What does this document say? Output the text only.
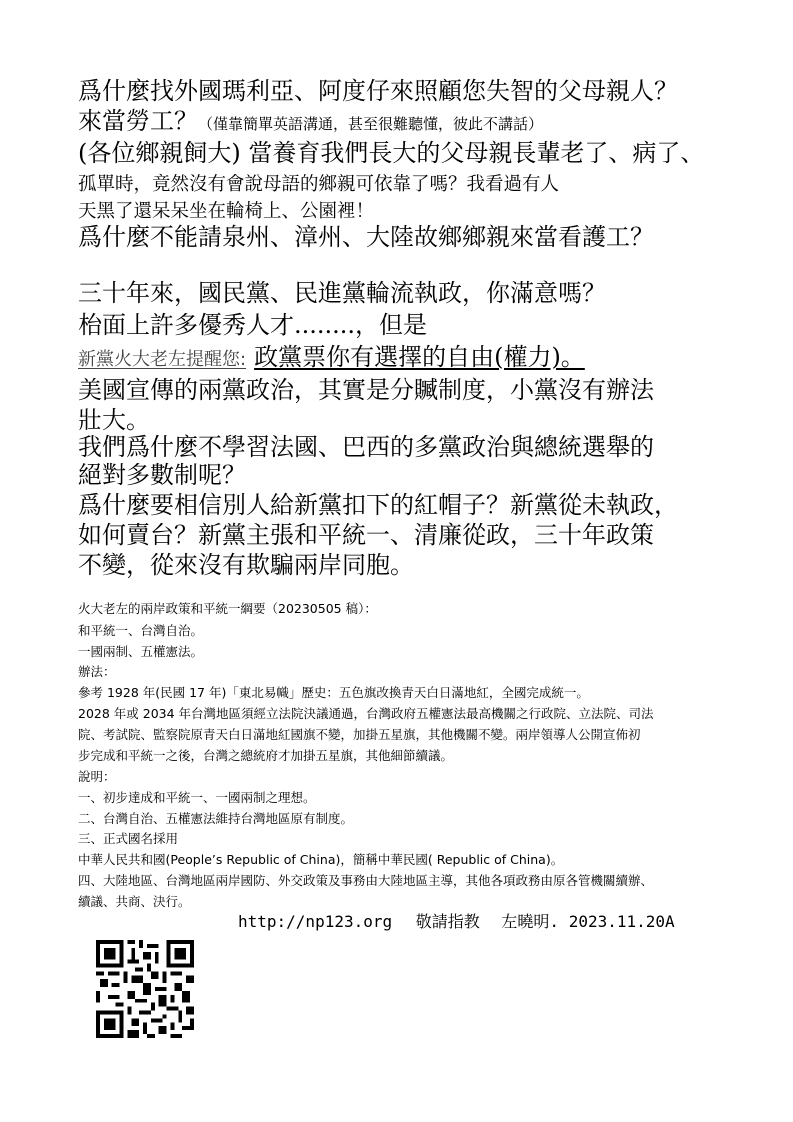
爲什麼找外國瑪利亞、阿度仔來照顧您失智的父母親人？
來當勞工？（僅靠簡單英語溝通，甚至很難聽懂，彼此不講話）
(各位鄉親飼大) 當養育我們長大的父母親長輩老了、病了、
孤單時，竟然沒有會說母語的鄉親可依靠了嗎？我看過有人
天黑了還呆呆坐在輪椅上、公園裡！
爲什麼不能請泉州、漳州、大陸故鄉鄉親來當看護工？
三十年來，國民黨、民進黨輪流執政，你滿意嗎？
枱面上許多優秀人才........，但是
新黨火大老左提醒您: 政黨票你有選擇的自由(權力)。
美國宣傳的兩黨政治，其實是分贓制度，小黨沒有辦法
壯大。
我們爲什麼不學習法國、巴西的多黨政治與總統選舉的
絕對多數制呢？
爲什麼要相信別人給新黨扣下的紅帽子？新黨從未執政，
如何賣台？新黨主張和平統一、清廉從政，三十年政策
不變，從來沒有欺騙兩岸同胞。
火大老左的兩岸政策和平統一綱要（20230505 稿）：
和平統一、台灣自治。
一國兩制、五權憲法。
辦法：
參考 1928 年(民國 17 年)「東北易幟」歷史：五色旗改換青天白日滿地紅，全國完成統一。
2028 年或 2034 年台灣地區須經立法院決議通過，台灣政府五權憲法最高機關之行政院、立法院、司法
院、考試院、監察院原青天白日滿地紅國旗不變，加掛五星旗，其他機關不變。兩岸領導人公開宣佈初
步完成和平統一之後，台灣之總統府才加掛五星旗，其他細節續議。
說明：
一、初步達成和平統一、一國兩制之理想。
二、台灣自治、五權憲法維持台灣地區原有制度。
三、正式國名採用
中華人民共和國(People’s Republic of China)，簡稱中華民國( Republic of China)。
四、大陸地區、台灣地區兩岸國防、外交政策及事務由大陸地區主導，其他各項政務由原各管機關續辦、
續議、共商、決行。
http://np123.org 敬請指教 左曉明. 2023.11.20A
